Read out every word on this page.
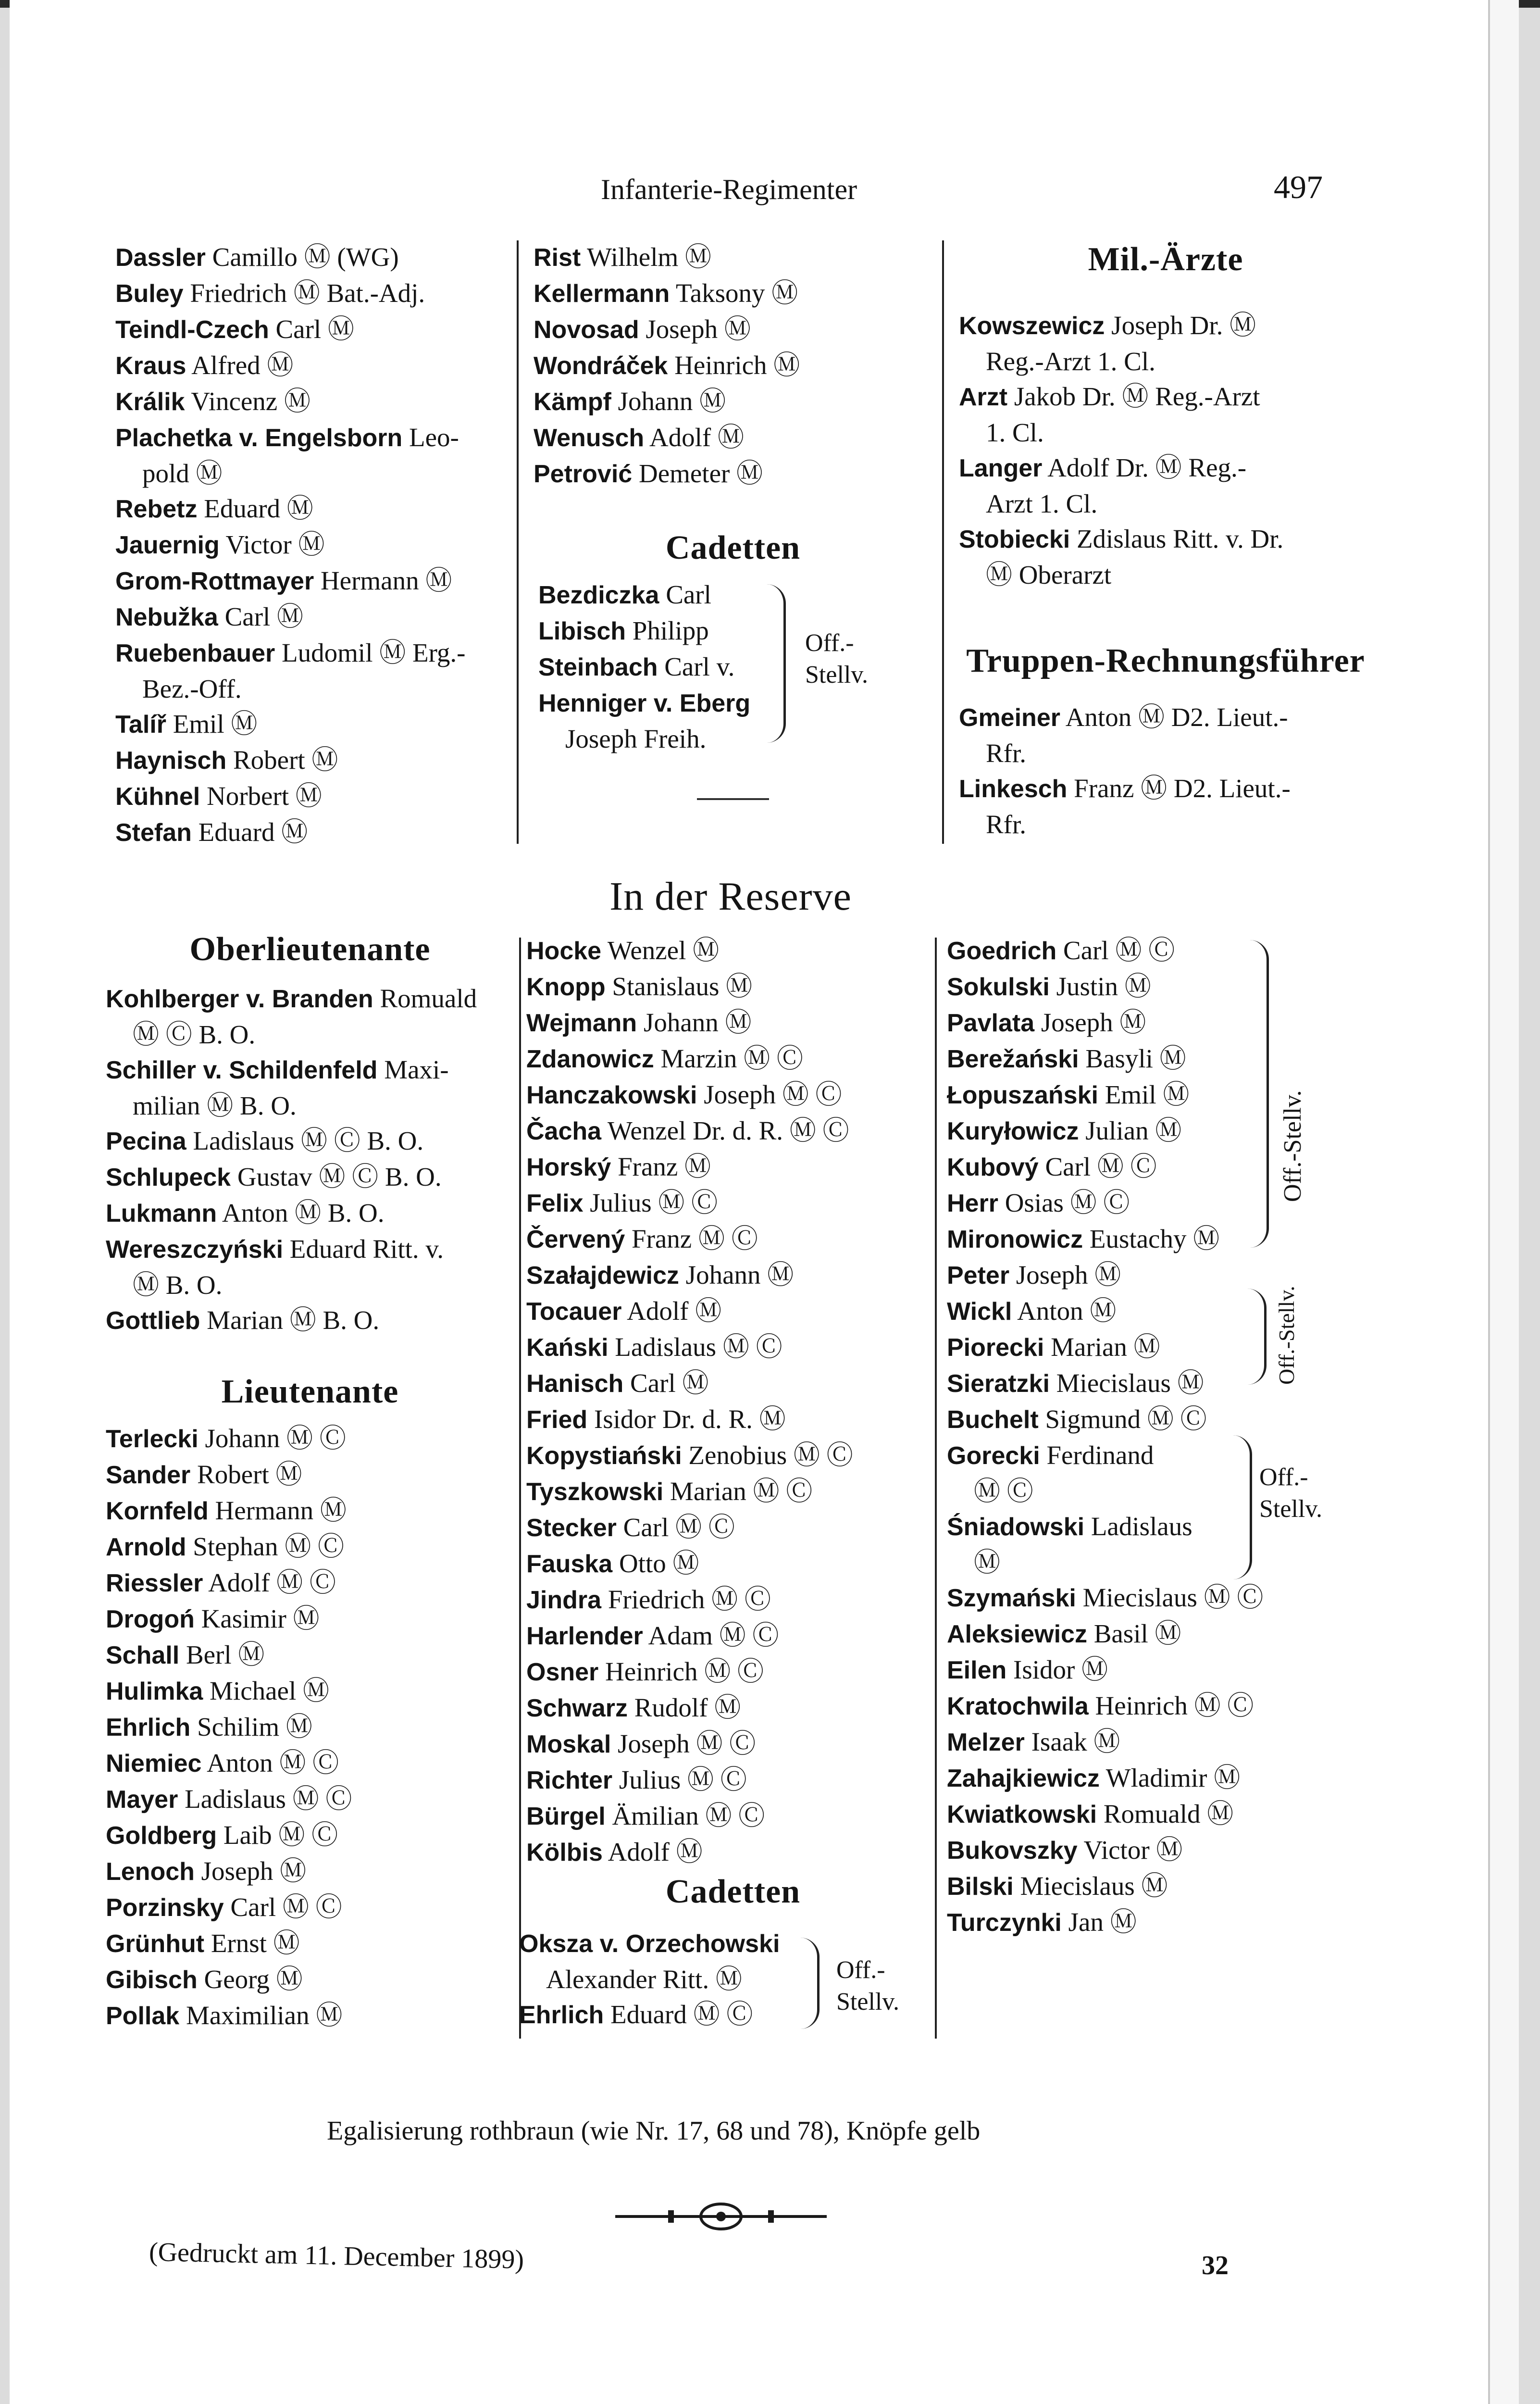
Infanterie-Regimenter	497
Dassler Camillo Ⓜ (WG)
Buley Friedrich Ⓜ Bat.-Adj.
Teindl-Czech Carl Ⓜ
Kraus Alfred Ⓜ
Králik Vincenz Ⓜ
Plachetka v. Engelsborn Leo-
pold Ⓜ
Rebetz Eduard Ⓜ
Jauernig Victor Ⓜ
Grom-Rottmayer Hermann Ⓜ
Nebužka Carl Ⓜ
Ruebenbauer Ludomil Ⓜ Erg.-
Bez.-Off.
Talíř Emil Ⓜ
Haynisch Robert Ⓜ
Kühnel Norbert Ⓜ
Stefan Eduard Ⓜ
Rist Wilhelm Ⓜ
Kellermann Taksony Ⓜ
Novosad Joseph Ⓜ
Wondráček Heinrich Ⓜ
Kämpf Johann Ⓜ
Wenusch Adolf Ⓜ
Petrović Demeter Ⓜ
Cadetten
Bezdiczka Carl
Libisch Philipp
Steinbach Carl v.
Henniger v. Eberg
Joseph Freih.
Off.-
Stellv.
Mil.-Ärzte
Kowszewicz Joseph Dr. Ⓜ
Reg.-Arzt 1. Cl.
Arzt Jakob Dr. Ⓜ Reg.-Arzt
1. Cl.
Langer Adolf Dr. Ⓜ Reg.-
Arzt 1. Cl.
Stobiecki Zdislaus Ritt. v. Dr.
Ⓜ Oberarzt
Truppen-Rechnungsführer
Gmeiner Anton Ⓜ D2. Lieut.-
Rfr.
Linkesch Franz Ⓜ D2. Lieut.-
Rfr.
In der Reserve
Oberlieutenante
Kohlberger v. Branden Romuald
Ⓜ Ⓒ B. O.
Schiller v. Schildenfeld Maxi-
milian Ⓜ B. O.
Pecina Ladislaus Ⓜ Ⓒ B. O.
Schlupeck Gustav Ⓜ Ⓒ B. O.
Lukmann Anton Ⓜ B. O.
Wereszczyński Eduard Ritt. v.
Ⓜ B. O.
Gottlieb Marian Ⓜ B. O.
Lieutenante
Terlecki Johann Ⓜ Ⓒ
Sander Robert Ⓜ
Kornfeld Hermann Ⓜ
Arnold Stephan Ⓜ Ⓒ
Riessler Adolf Ⓜ Ⓒ
Drogoń Kasimir Ⓜ
Schall Berl Ⓜ
Hulimka Michael Ⓜ
Ehrlich Schilim Ⓜ
Niemiec Anton Ⓜ Ⓒ
Mayer Ladislaus Ⓜ Ⓒ
Goldberg Laib Ⓜ Ⓒ
Lenoch Joseph Ⓜ
Porzinsky Carl Ⓜ Ⓒ
Grünhut Ernst Ⓜ
Gibisch Georg Ⓜ
Pollak Maximilian Ⓜ
Hocke Wenzel Ⓜ
Knopp Stanislaus Ⓜ
Wejmann Johann Ⓜ
Zdanowicz Marzin Ⓜ Ⓒ
Hanczakowski Joseph Ⓜ Ⓒ
Čacha Wenzel Dr. d. R. Ⓜ Ⓒ
Horský Franz Ⓜ
Felix Julius Ⓜ Ⓒ
Červený Franz Ⓜ Ⓒ
Szałajdewicz Johann Ⓜ
Tocauer Adolf Ⓜ
Kański Ladislaus Ⓜ Ⓒ
Hanisch Carl Ⓜ
Fried Isidor Dr. d. R. Ⓜ
Kopystiański Zenobius Ⓜ Ⓒ
Tyszkowski Marian Ⓜ Ⓒ
Stecker Carl Ⓜ Ⓒ
Fauska Otto Ⓜ
Jindra Friedrich Ⓜ Ⓒ
Harlender Adam Ⓜ Ⓒ
Osner Heinrich Ⓜ Ⓒ
Schwarz Rudolf Ⓜ
Moskal Joseph Ⓜ Ⓒ
Richter Julius Ⓜ Ⓒ
Bürgel Ämilian Ⓜ Ⓒ
Kölbis Adolf Ⓜ
Cadetten
Oksza v. Orzechowski
Alexander Ritt. Ⓜ
Ehrlich Eduard Ⓜ Ⓒ
Off.-
Stellv.
Goedrich Carl Ⓜ Ⓒ
Sokulski Justin Ⓜ
Pavlata Joseph Ⓜ
Berežański Basyli Ⓜ
Łopuszański Emil Ⓜ
Kuryłowicz Julian Ⓜ
Kubový Carl Ⓜ Ⓒ
Herr Osias Ⓜ Ⓒ
Mironowicz Eustachy Ⓜ
Peter Joseph Ⓜ
Wickl Anton Ⓜ
Piorecki Marian Ⓜ
Sieratzki Miecislaus Ⓜ
Buchelt Sigmund Ⓜ Ⓒ
Gorecki Ferdinand
Ⓜ Ⓒ
Śniadowski Ladislaus
Ⓜ
Szymański Miecislaus Ⓜ Ⓒ
Aleksiewicz Basil Ⓜ
Eilen Isidor Ⓜ
Kratochwila Heinrich Ⓜ Ⓒ
Melzer Isaak Ⓜ
Zahajkiewicz Wladimir Ⓜ
Kwiatkowski Romuald Ⓜ
Bukovszky Victor Ⓜ
Bilski Miecislaus Ⓜ
Turczynki Jan Ⓜ
Off.-Stellv.
Off.-Stellv.
Off.-
Stellv.
Egalisierung rothbraun (wie Nr. 17, 68 und 78), Knöpfe gelb
(Gedruckt am 11. December 1899)	32
